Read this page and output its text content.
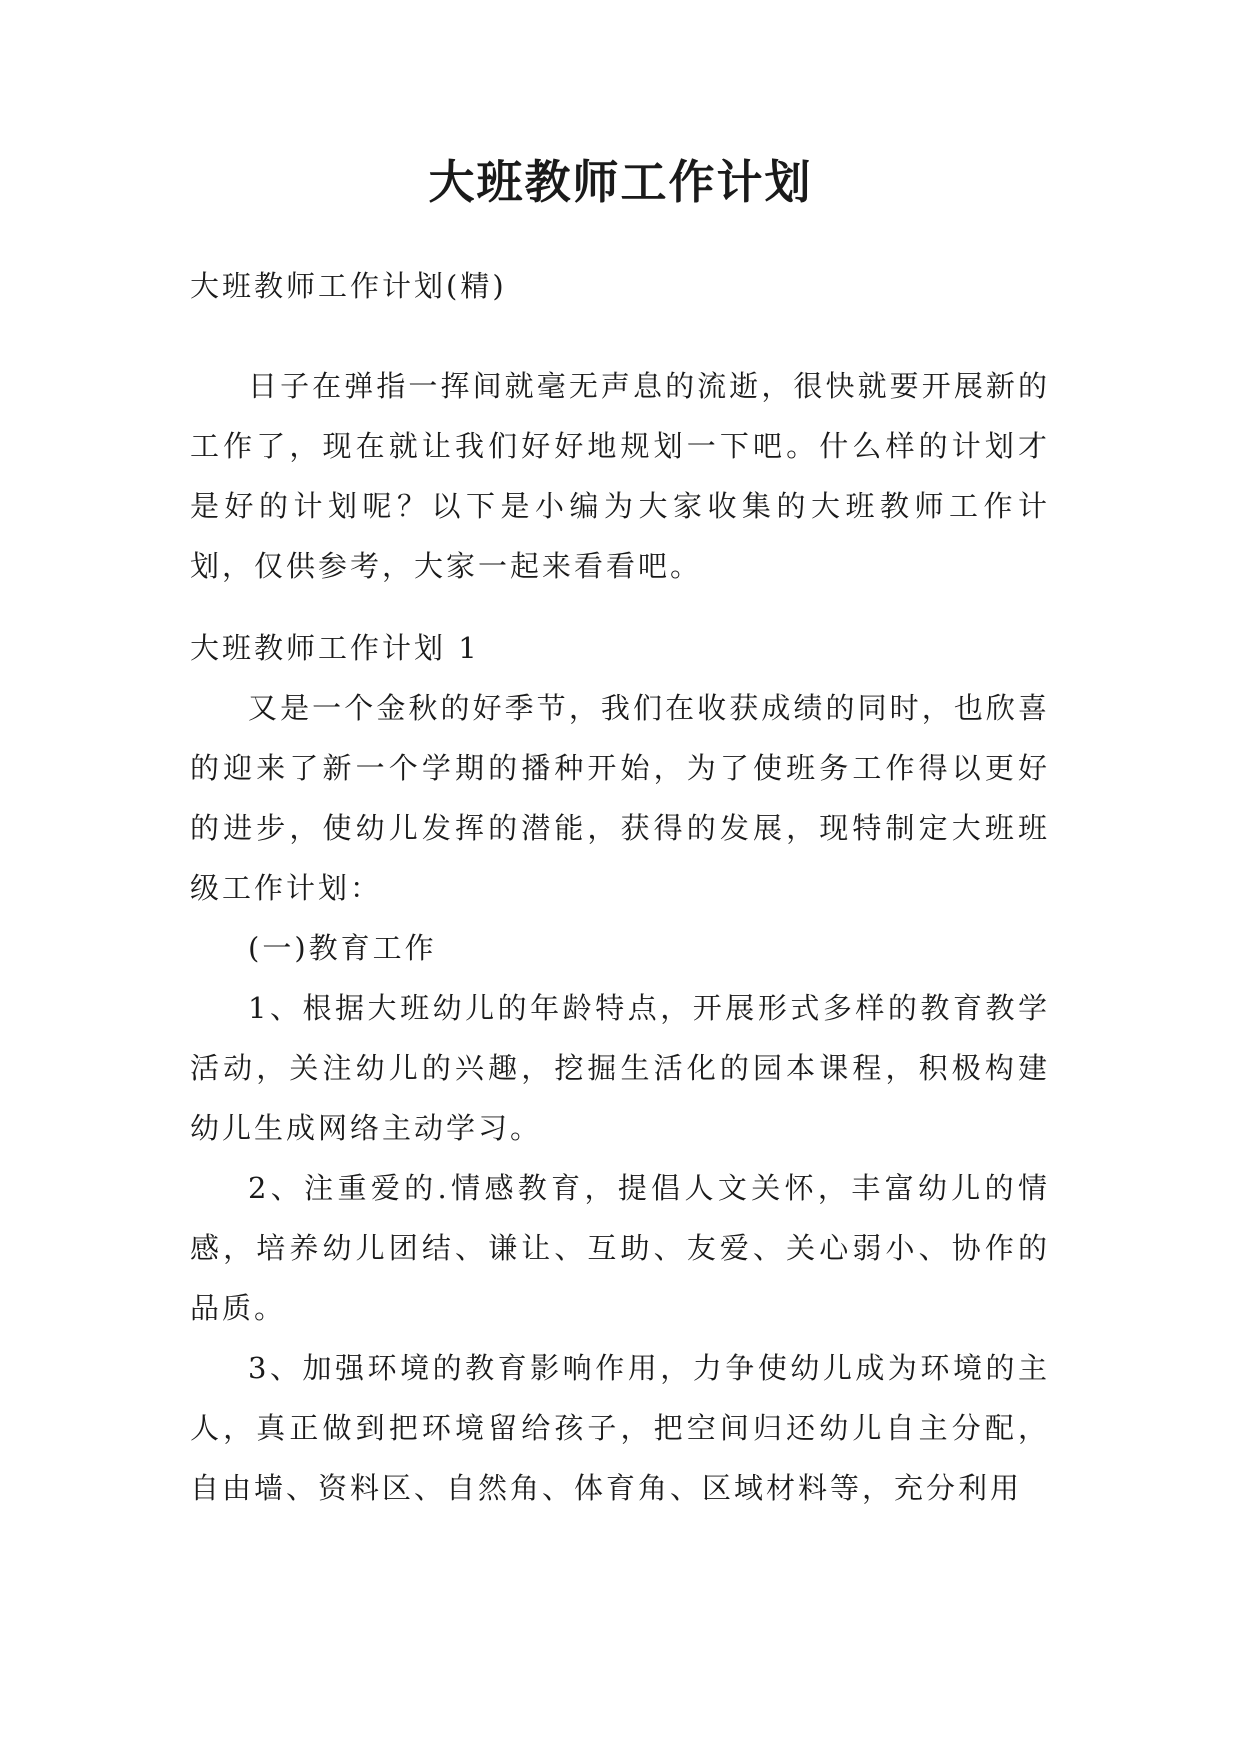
大班教师工作计划

大班教师工作计划(精)

日子在弹指一挥间就毫无声息的流逝，很快就要开展新的工作了，现在就让我们好好地规划一下吧。什么样的计划才是好的计划呢？以下是小编为大家收集的大班教师工作计划，仅供参考，大家一起来看看吧。

大班教师工作计划 1

又是一个金秋的好季节，我们在收获成绩的同时，也欣喜的迎来了新一个学期的播种开始，为了使班务工作得以更好的进步，使幼儿发挥的潜能，获得的发展，现特制定大班班级工作计划：

(一)教育工作

1、根据大班幼儿的年龄特点，开展形式多样的教育教学活动，关注幼儿的兴趣，挖掘生活化的园本课程，积极构建幼儿生成网络主动学习。

2、注重爱的.情感教育，提倡人文关怀，丰富幼儿的情感，培养幼儿团结、谦让、互助、友爱、关心弱小、协作的品质。

3、加强环境的教育影响作用，力争使幼儿成为环境的主人，真正做到把环境留给孩子，把空间归还幼儿自主分配，自由墙、资料区、自然角、体育角、区域材料等，充分利用
